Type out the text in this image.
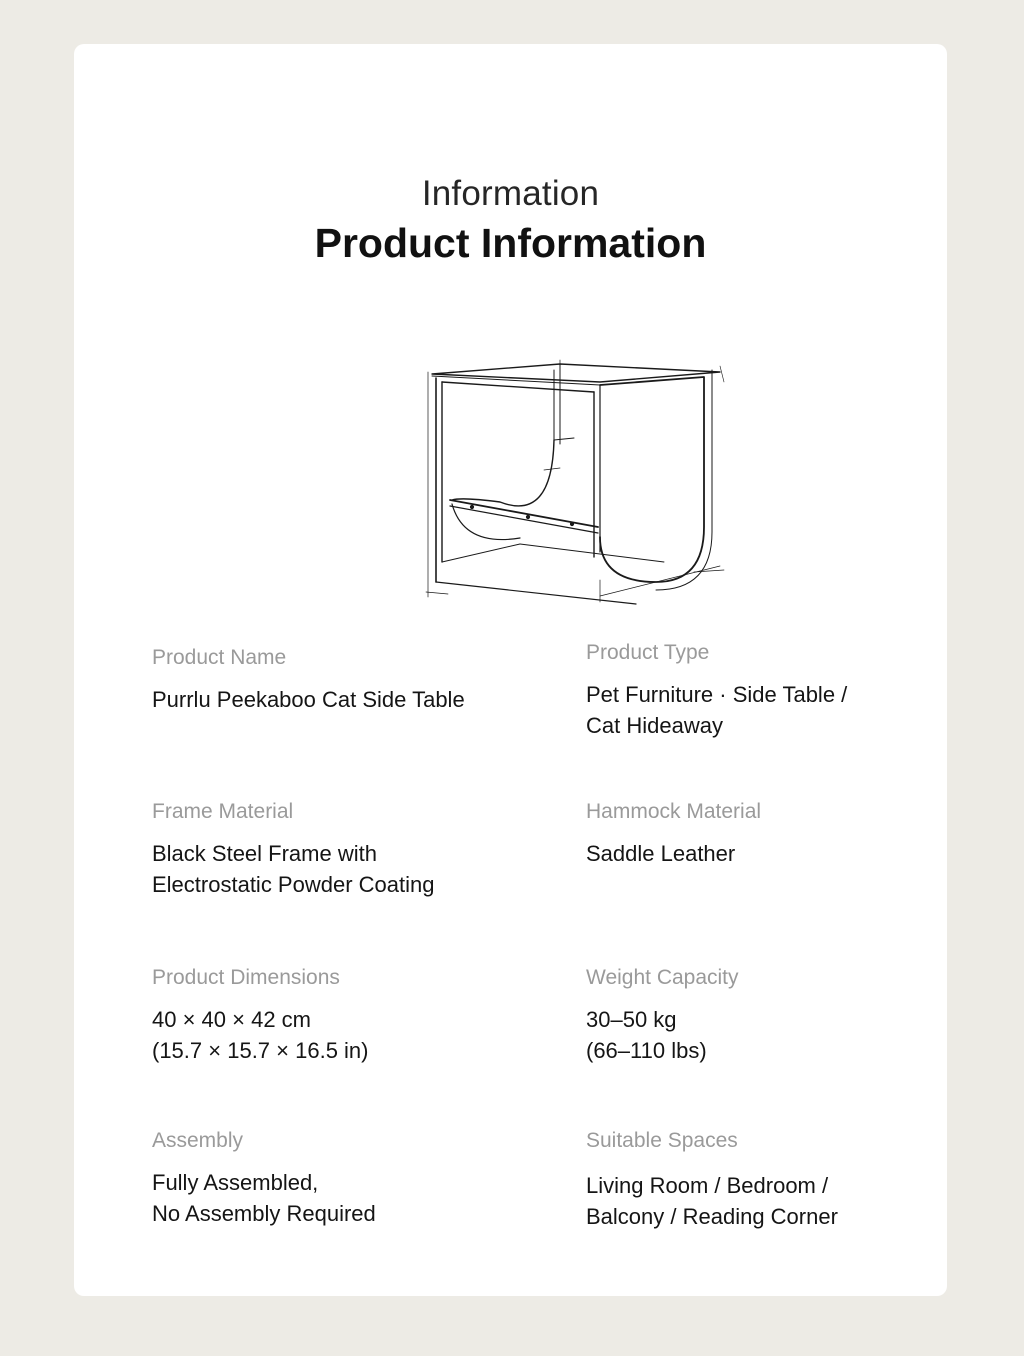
Information
Product Information

Product Name

Purrlu Peekaboo Cat Side Table

Product Type

Pet Furniture · Side Table /
Cat Hideaway

Frame Material

Black Steel Frame with
Electrostatic Powder Coating

Hammock Material

Saddle Leather

Product Dimensions

40 × 40 × 42 cm
(15.7 × 15.7 × 16.5 in)

Weight Capacity

30–50 kg
(66–110 lbs)

Assembly

Fully Assembled,
No Assembly Required

Suitable Spaces

Living Room / Bedroom /
Balcony / Reading Corner
